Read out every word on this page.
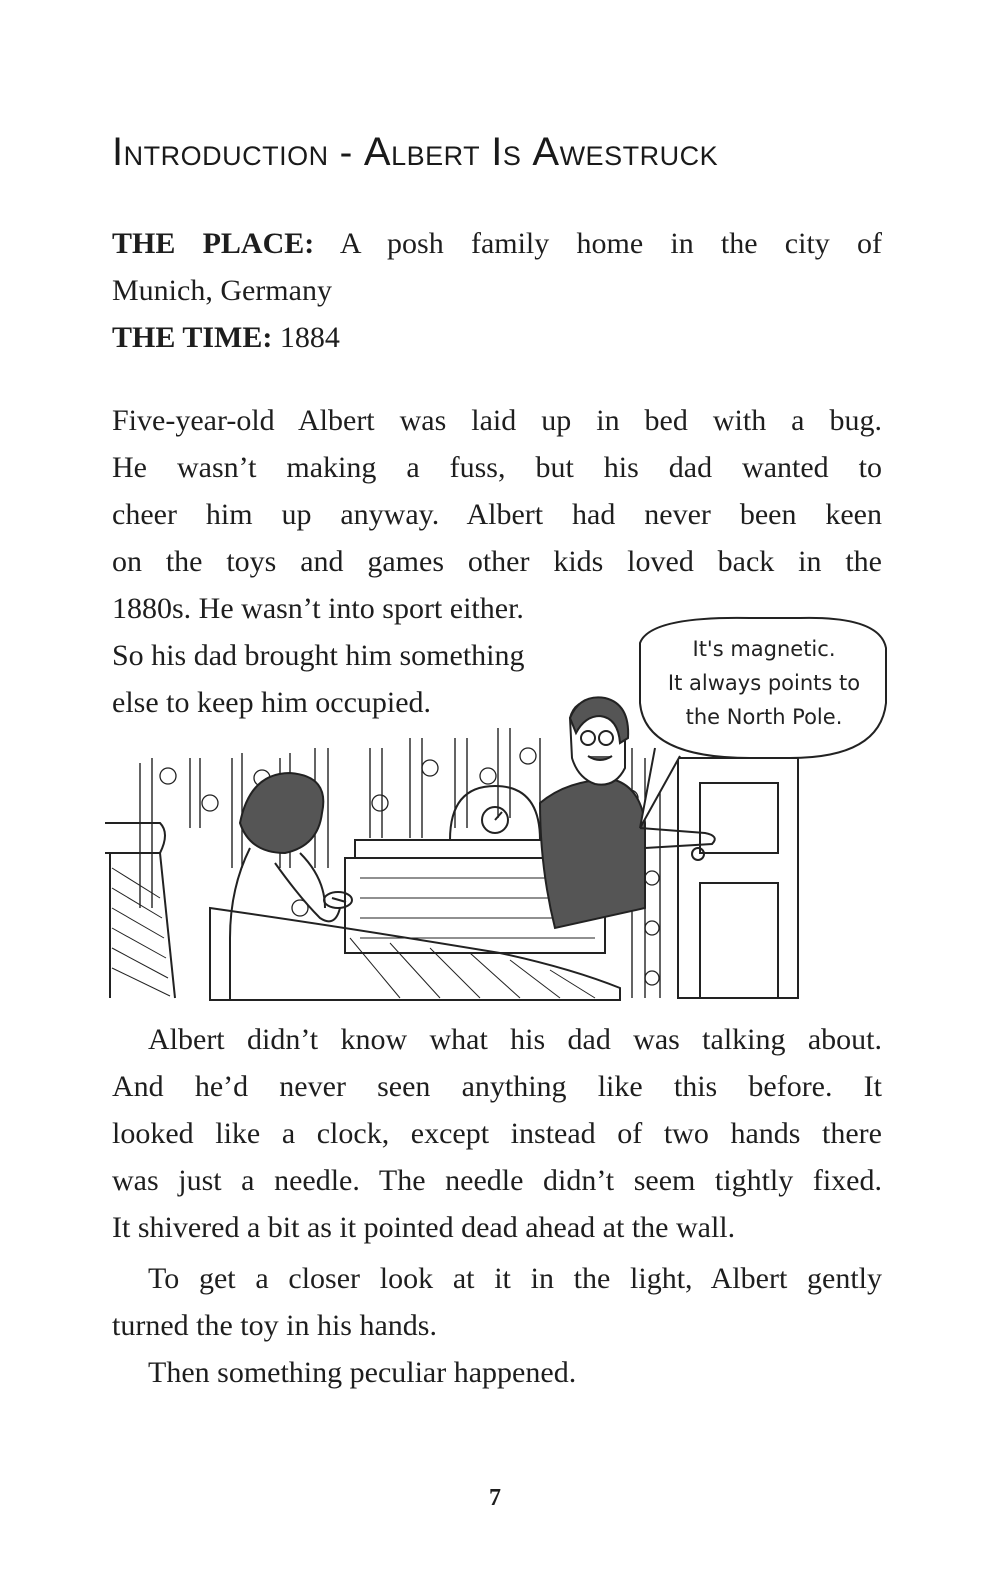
Introduction - Albert Is Awestruck
THE PLACE: A posh family home in the city of
Munich, Germany
THE TIME: 1884
Five-year-old Albert was laid up in bed with a bug.
He wasn’t making a fuss, but his dad wanted to
cheer him up anyway. Albert had never been keen
on the toys and games other kids loved back in the
1880s. He wasn’t into sport either.
So his dad brought him something
else to keep him occupied.
It's magnetic.
It always points to
the North Pole.
Albert didn’t know what his dad was talking about.
And he’d never seen anything like this before. It
looked like a clock, except instead of two hands there
was just a needle. The needle didn’t seem tightly fixed.
It shivered a bit as it pointed dead ahead at the wall.
To get a closer look at it in the light, Albert gently
turned the toy in his hands.
Then something peculiar happened.
7
